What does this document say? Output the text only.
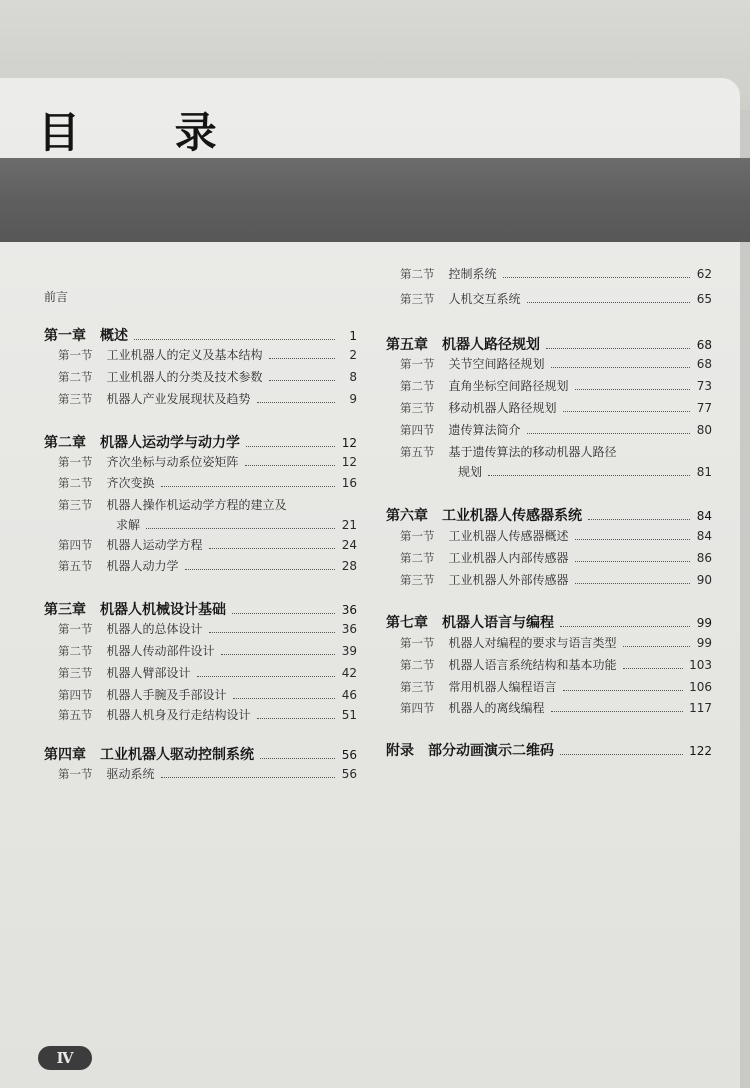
目 录
前言
第一章 概述	1
第一节 工业机器人的定义及基本结构	2
第二节 工业机器人的分类及技术参数	8
第三节 机器人产业发展现状及趋势	9
第二章 机器人运动学与动力学	12
第一节 齐次坐标与动系位姿矩阵	12
第二节 齐次变换	16
第三节 机器人操作机运动学方程的建立及
求解	21
第四节 机器人运动学方程	24
第五节 机器人动力学	28
第三章 机器人机械设计基础	36
第一节 机器人的总体设计	36
第二节 机器人传动部件设计	39
第三节 机器人臂部设计	42
第四节 机器人手腕及手部设计	46
第五节 机器人机身及行走结构设计	51
第四章 工业机器人驱动控制系统	56
第一节 驱动系统	56
第二节 控制系统	62
第三节 人机交互系统	65
第五章 机器人路径规划	68
第一节 关节空间路径规划	68
第二节 直角坐标空间路径规划	73
第三节 移动机器人路径规划	77
第四节 遗传算法简介	80
第五节 基于遗传算法的移动机器人路径
规划	81
第六章 工业机器人传感器系统	84
第一节 工业机器人传感器概述	84
第二节 工业机器人内部传感器	86
第三节 工业机器人外部传感器	90
第七章 机器人语言与编程	99
第一节 机器人对编程的要求与语言类型	99
第二节 机器人语言系统结构和基本功能	103
第三节 常用机器人编程语言	106
第四节 机器人的离线编程	117
附录 部分动画演示二维码	122
Ⅳ
